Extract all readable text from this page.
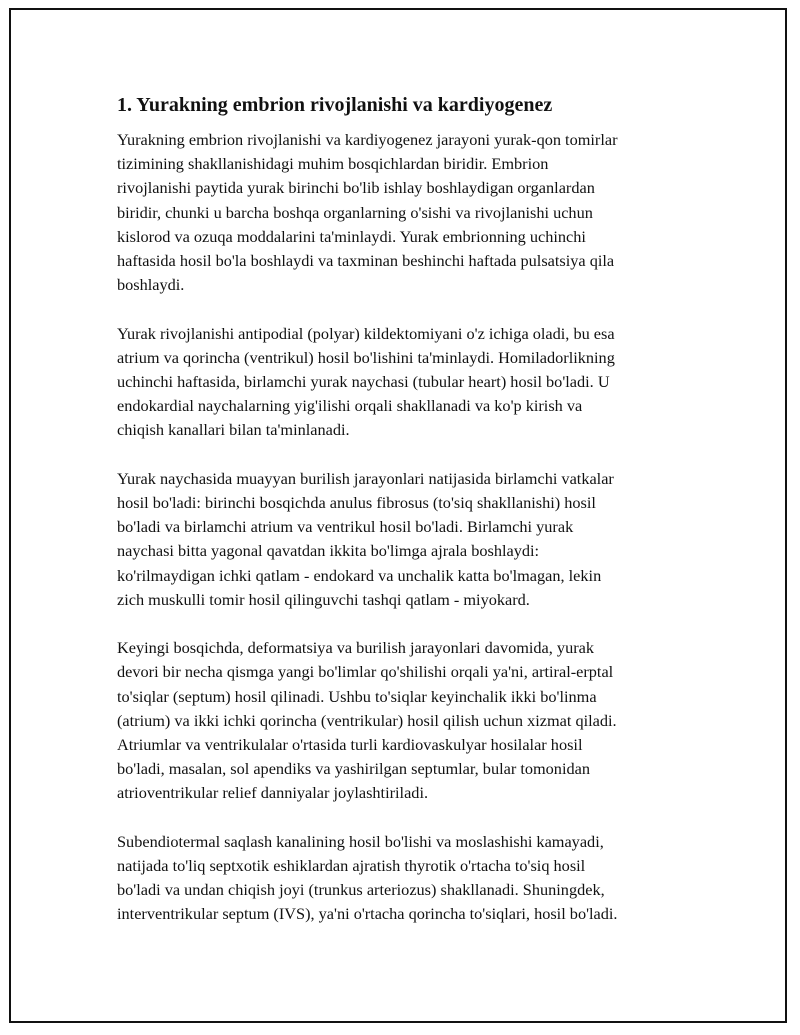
1. Yurakning embrion rivojlanishi va kardiyogenez

Yurakning embrion rivojlanishi va kardiyogenez jarayoni yurak-qon tomirlar
tizimining shakllanishidagi muhim bosqichlardan biridir. Embrion
rivojlanishi paytida yurak birinchi bo'lib ishlay boshlaydigan organlardan
biridir, chunki u barcha boshqa organlarning o'sishi va rivojlanishi uchun
kislorod va ozuqa moddalarini ta'minlaydi. Yurak embrionning uchinchi
haftasida hosil bo'la boshlaydi va taxminan beshinchi haftada pulsatsiya qila
boshlaydi.

Yurak rivojlanishi antipodial (polyar) kildektomiyani o'z ichiga oladi, bu esa
atrium va qorincha (ventrikul) hosil bo'lishini ta'minlaydi. Homiladorlikning
uchinchi haftasida, birlamchi yurak naychasi (tubular heart) hosil bo'ladi. U
endokardial naychalarning yig'ilishi orqali shakllanadi va ko'p kirish va
chiqish kanallari bilan ta'minlanadi.

Yurak naychasida muayyan burilish jarayonlari natijasida birlamchi vatkalar
hosil bo'ladi: birinchi bosqichda anulus fibrosus (to'siq shakllanishi) hosil
bo'ladi va birlamchi atrium va ventrikul hosil bo'ladi. Birlamchi yurak
naychasi bitta yagonal qavatdan ikkita bo'limga ajrala boshlaydi:
ko'rilmaydigan ichki qatlam - endokard va unchalik katta bo'lmagan, lekin
zich muskulli tomir hosil qilinguvchi tashqi qatlam - miyokard.

Keyingi bosqichda, deformatsiya va burilish jarayonlari davomida, yurak
devori bir necha qismga yangi bo'limlar qo'shilishi orqali ya'ni, artiral-erptal
to'siqlar (septum) hosil qilinadi. Ushbu to'siqlar keyinchalik ikki bo'linma
(atrium) va ikki ichki qorincha (ventrikular) hosil qilish uchun xizmat qiladi.
Atriumlar va ventrikulalar o'rtasida turli kardiovaskulyar hosilalar hosil
bo'ladi, masalan, sol apendiks va yashirilgan septumlar, bular tomonidan
atrioventrikular relief danniyalar joylashtiriladi.

Subendiotermal saqlash kanalining hosil bo'lishi va moslashishi kamayadi,
natijada to'liq septxotik eshiklardan ajratish thyrotik o'rtacha to'siq hosil
bo'ladi va undan chiqish joyi (trunkus arteriozus) shakllanadi. Shuningdek,
interventrikular septum (IVS), ya'ni o'rtacha qorincha to'siqlari, hosil bo'ladi.
